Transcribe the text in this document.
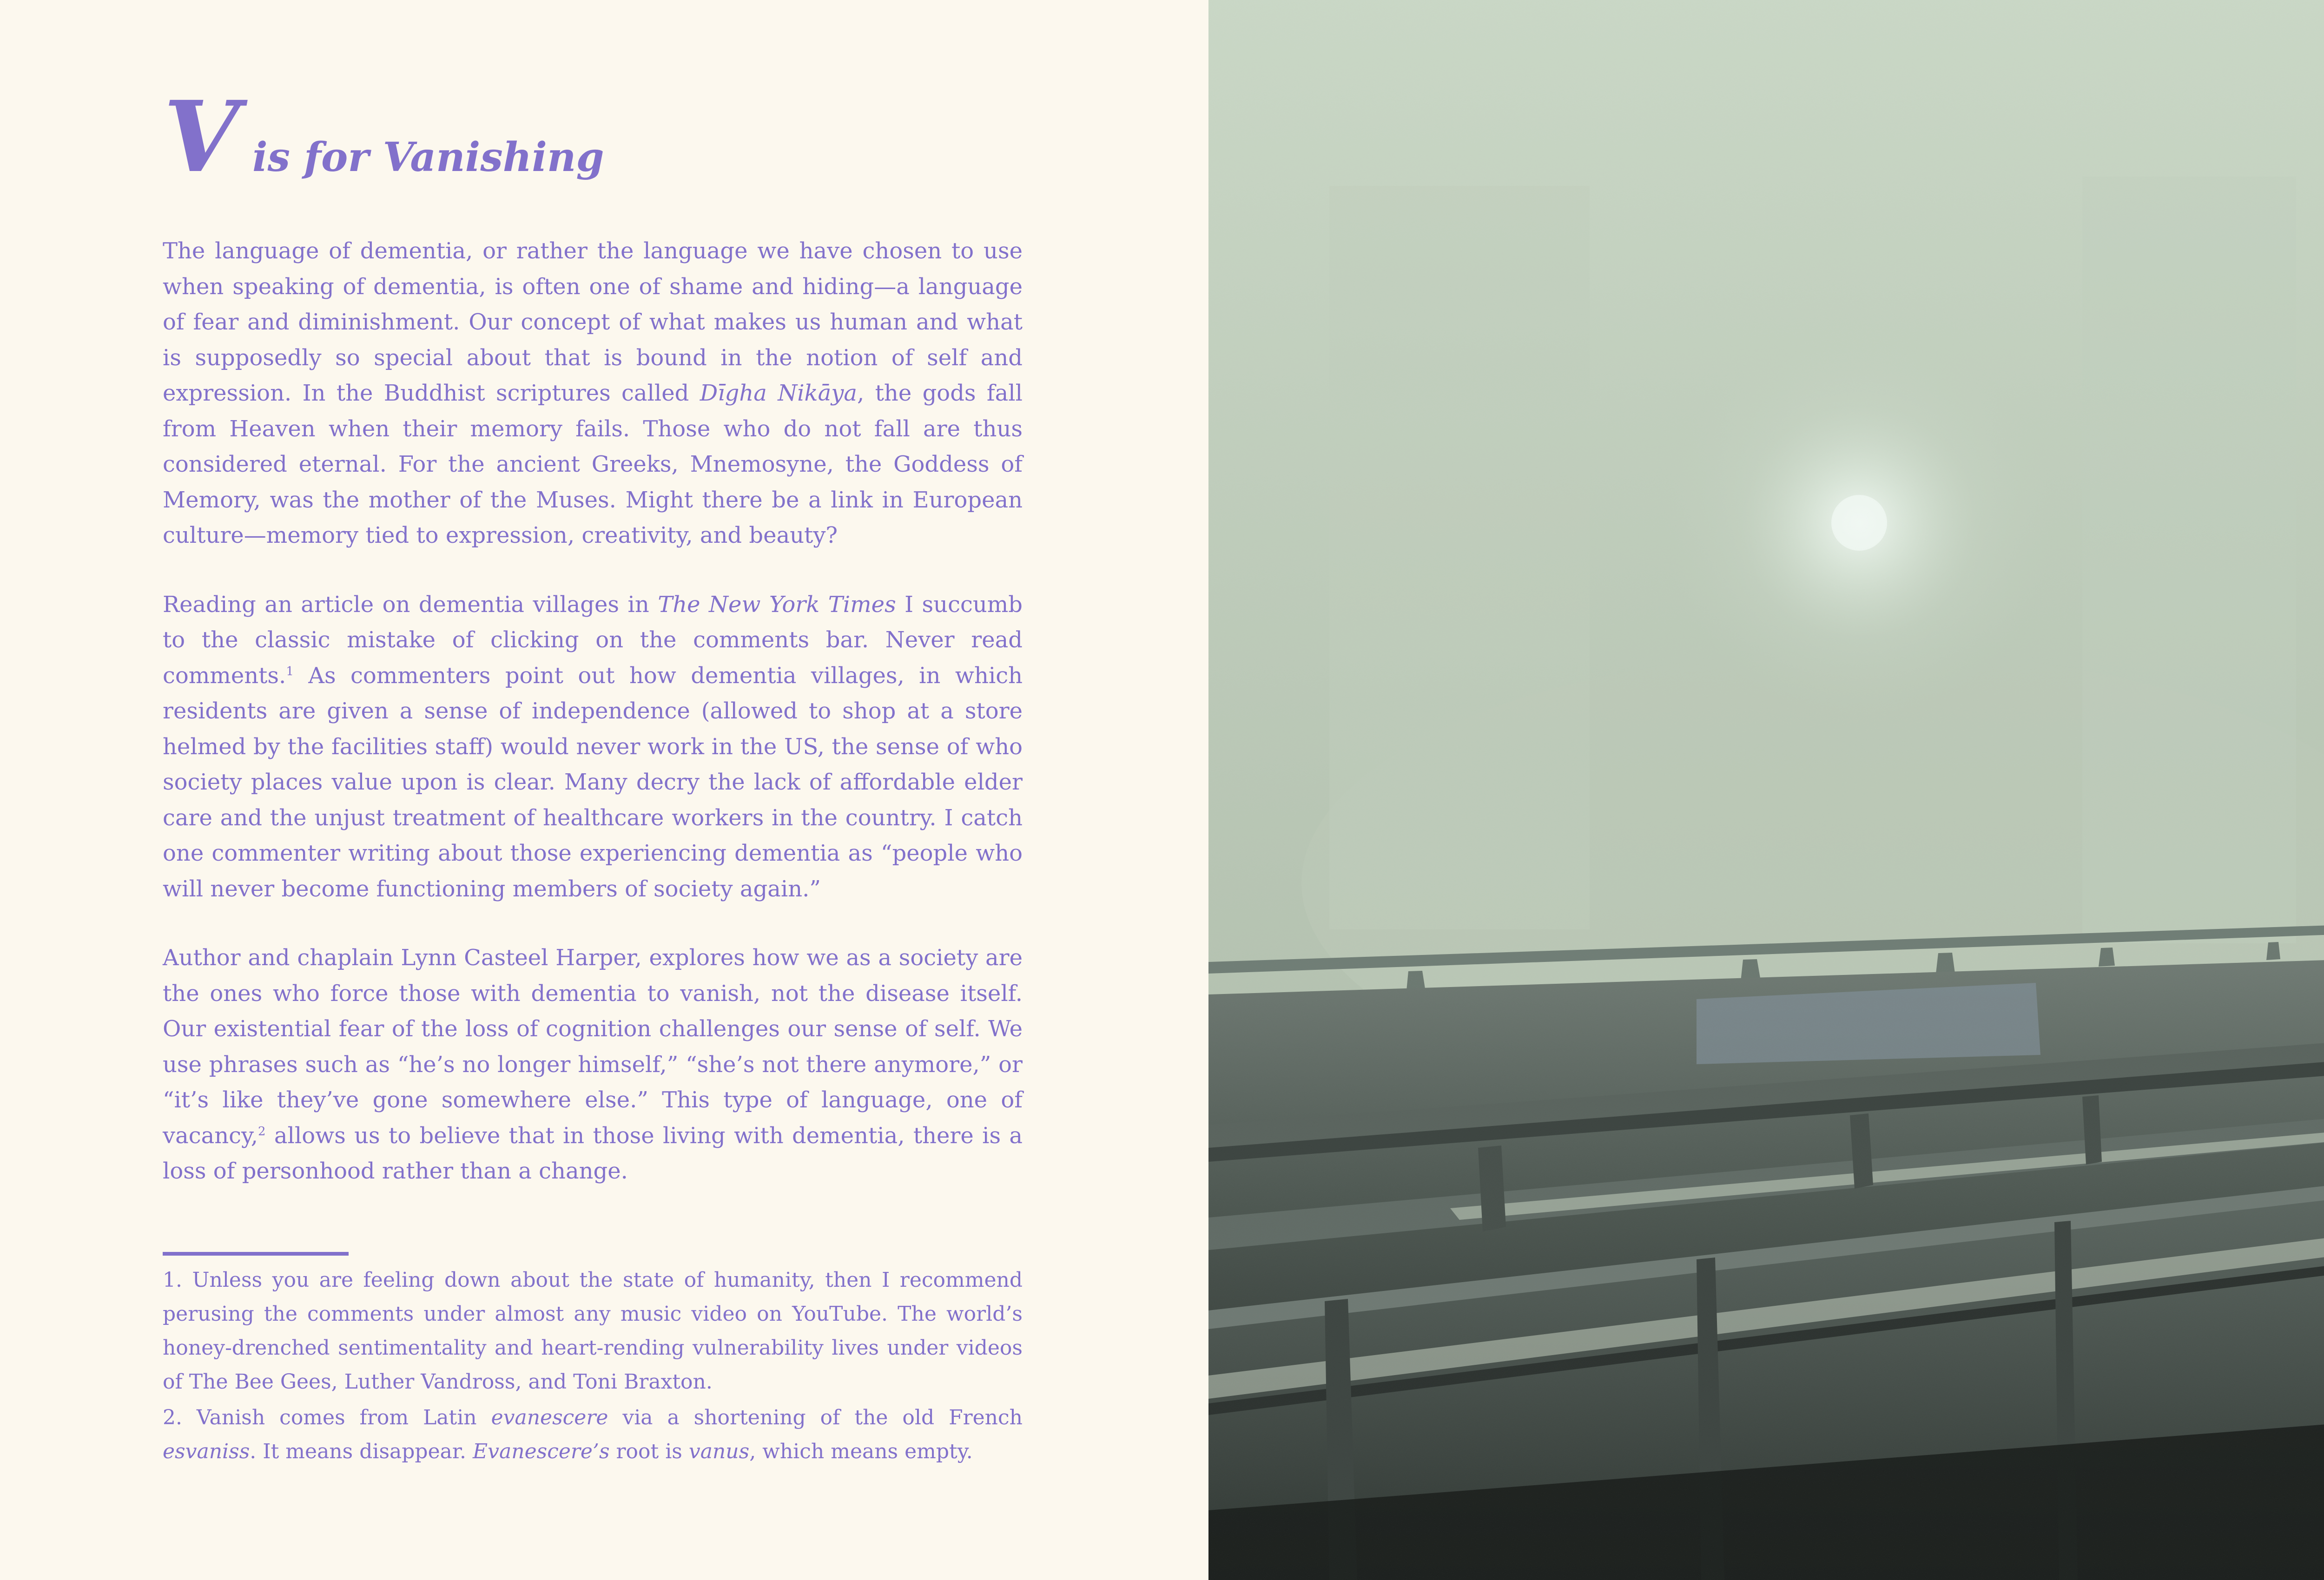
Vis for Vanishing

The language of dementia, or rather the language we have chosen to use when speaking of dementia, is often one of shame and hiding—a language of fear and diminishment. Our concept of what makes us human and what is supposedly so special about that is bound in the notion of self and expression. In the Buddhist scriptures called Dīgha Nikāya, the gods fall from Heaven when their memory fails. Those who do not fall are thus considered eternal. For the ancient Greeks, Mnemosyne, the Goddess of Memory, was the mother of the Muses. Might there be a link in European culture—memory tied to expression, creativity, and beauty?

Reading an article on dementia villages in The New York Times I succumb to the classic mistake of clicking on the comments bar. Never read comments.$^1$ As commenters point out how dementia villages, in which residents are given a sense of independence (allowed to shop at a store helmed by the facilities staff) would never work in the US, the sense of who society places value upon is clear. Many decry the lack of affordable elder care and the unjust treatment of healthcare workers in the country. I catch one commenter writing about those experiencing dementia as “people who will never become functioning members of society again.”

Author and chaplain Lynn Casteel Harper, explores how we as a society are the ones who force those with dementia to vanish, not the disease itself. Our existential fear of the loss of cognition challenges our sense of self. We use phrases such as “he’s no longer himself,” “she’s not there anymore,” or “it’s like they’ve gone somewhere else.” This type of language, one of vacancy,$^2$ allows us to believe that in those living with dementia, there is a loss of personhood rather than a change.

1. Unless you are feeling down about the state of humanity, then I recommend perusing the comments under almost any music video on YouTube. The world’s honey-drenched sentimentality and heart-rending vulnerability lives under videos of The Bee Gees, Luther Vandross, and Toni Braxton.

2. Vanish comes from Latin evanescere via a shortening of the old French esvaniss. It means disappear. Evanescere’s root is vanus, which means empty.
